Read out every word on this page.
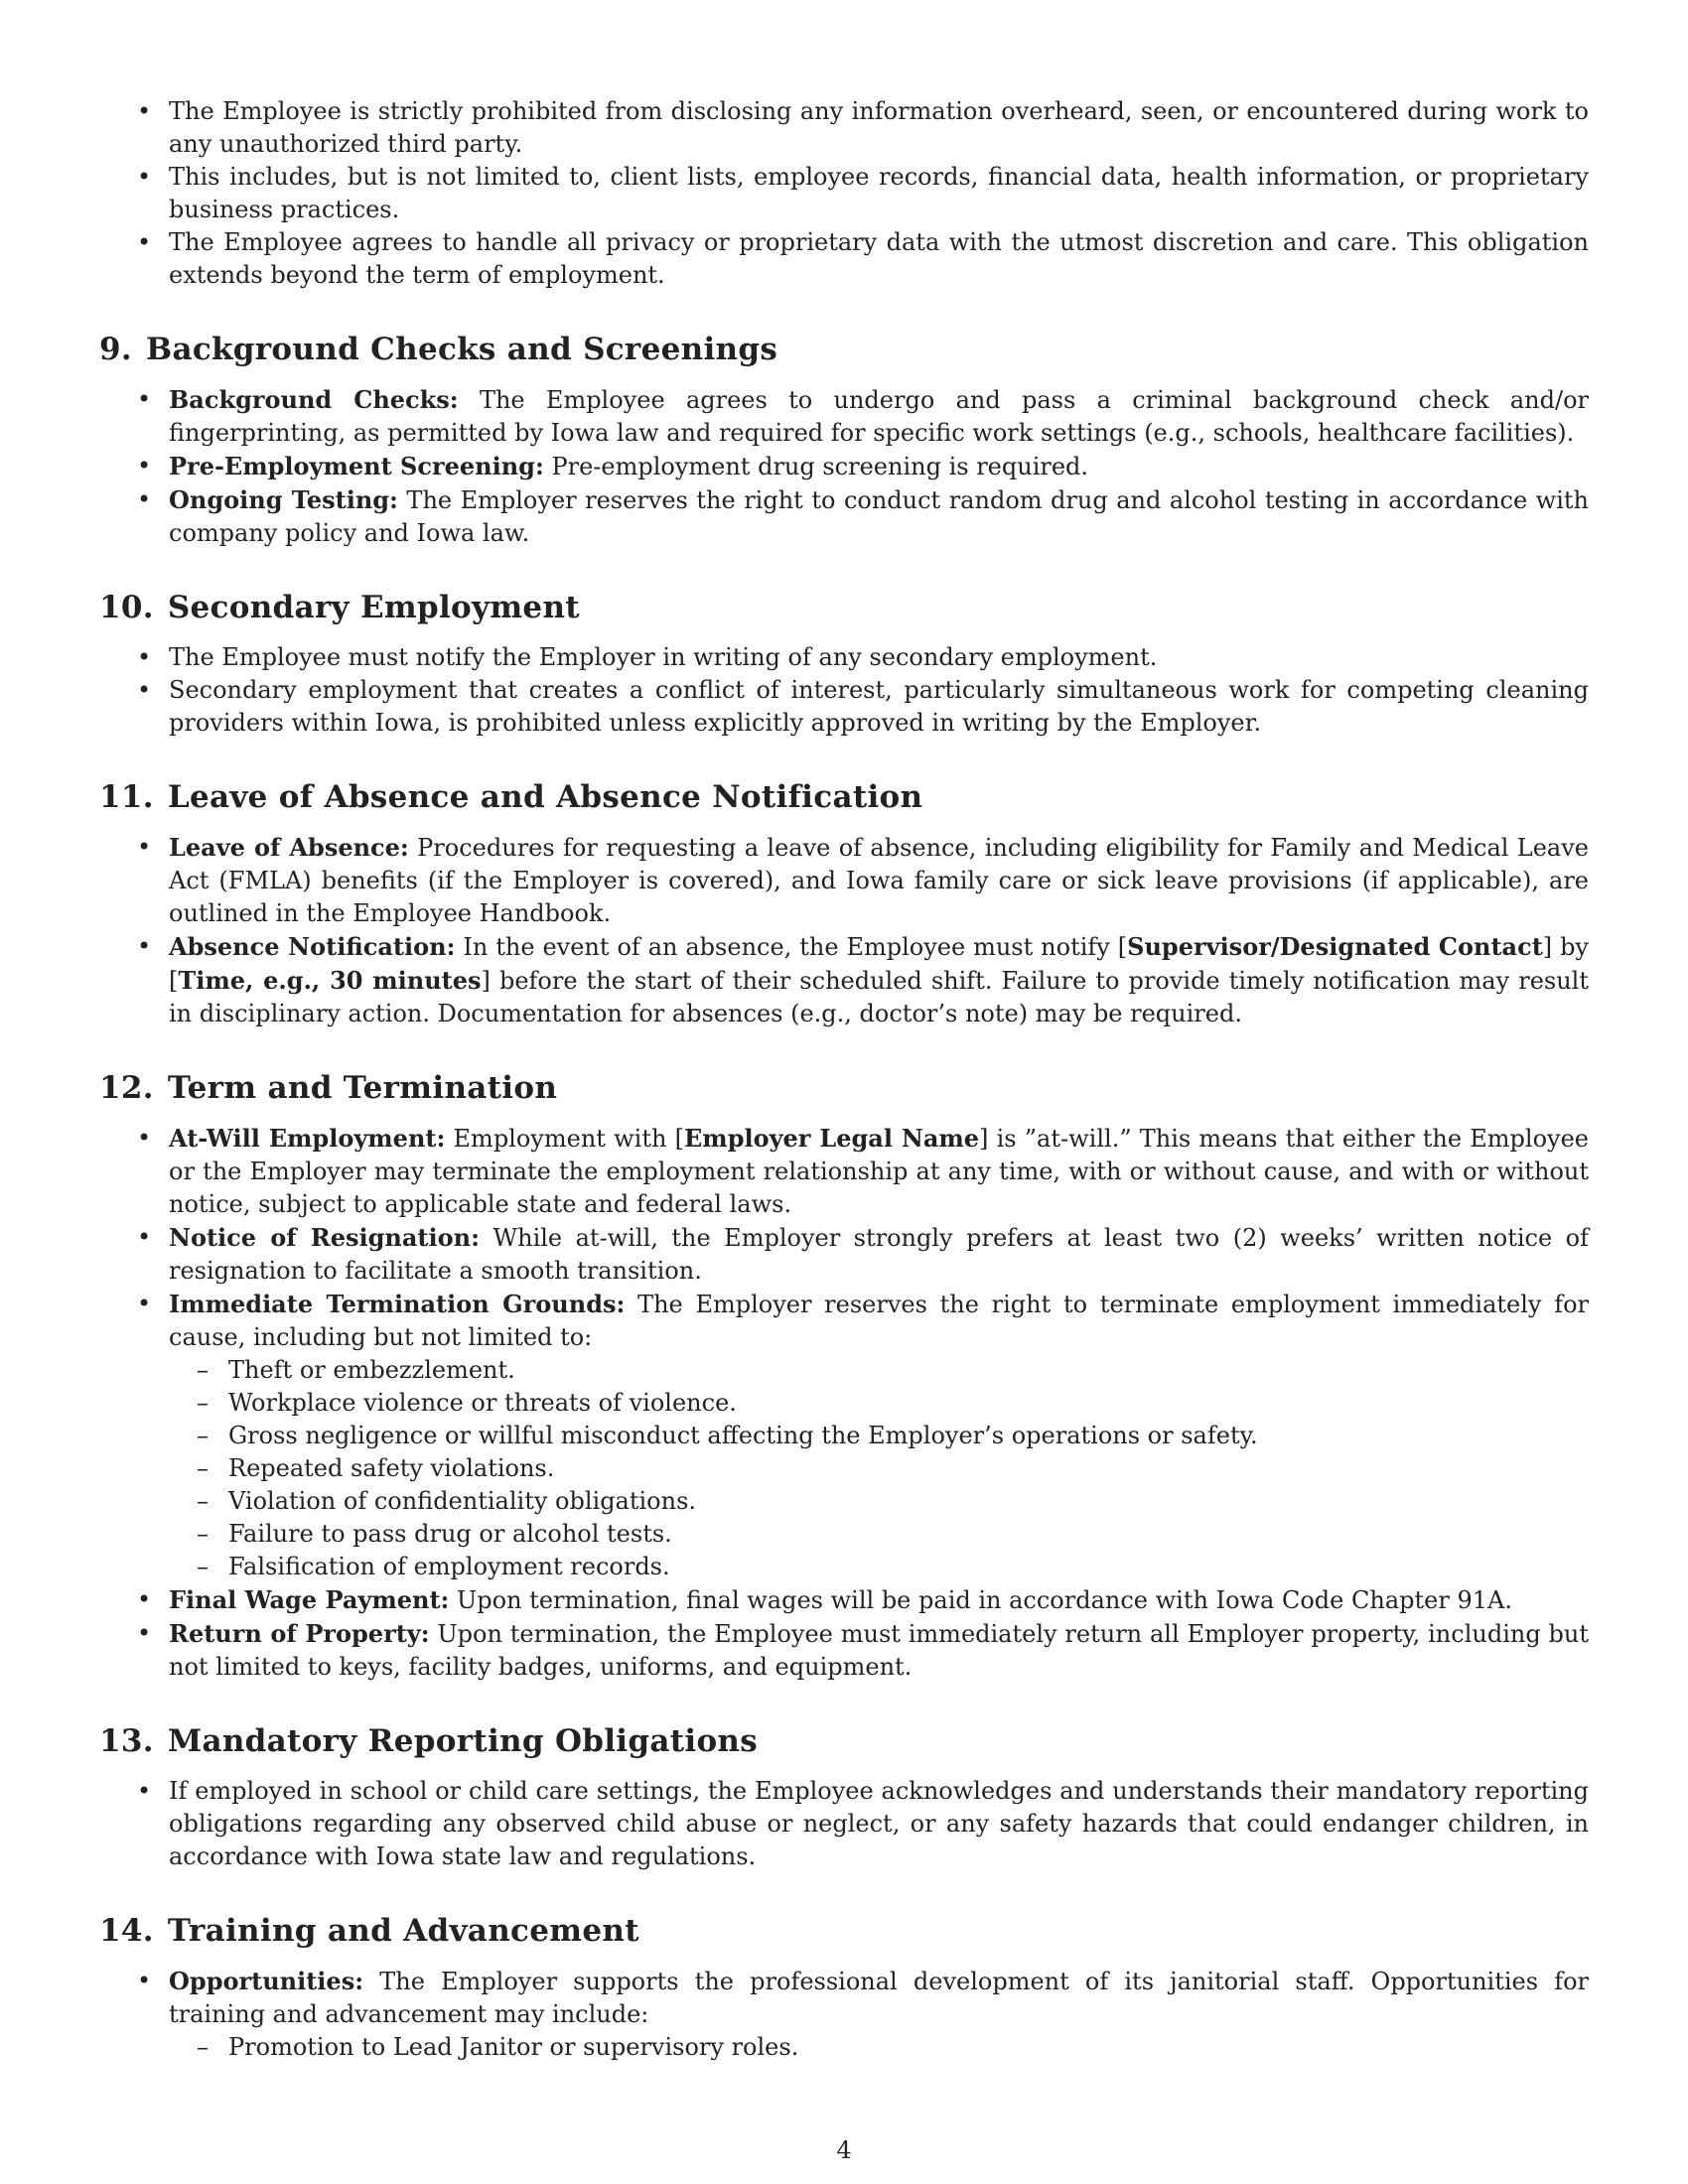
• The Employee is strictly prohibited from disclosing any information overheard, seen, or encountered during work to any unauthorized third party.
• This includes, but is not limited to, client lists, employee records, financial data, health information, or proprietary business practices.
• The Employee agrees to handle all privacy or proprietary data with the utmost discretion and care. This obligation extends beyond the term of employment.
9. Background Checks and Screenings
• Background Checks: The Employee agrees to undergo and pass a criminal background check and/or fingerprinting, as permitted by Iowa law and required for specific work settings (e.g., schools, healthcare facilities).
• Pre-Employment Screening: Pre-employment drug screening is required.
• Ongoing Testing: The Employer reserves the right to conduct random drug and alcohol testing in accordance with company policy and Iowa law.
10. Secondary Employment
• The Employee must notify the Employer in writing of any secondary employment.
• Secondary employment that creates a conflict of interest, particularly simultaneous work for competing cleaning providers within Iowa, is prohibited unless explicitly approved in writing by the Employer.
11. Leave of Absence and Absence Notification
• Leave of Absence: Procedures for requesting a leave of absence, including eligibility for Family and Medical Leave Act (FMLA) benefits (if the Employer is covered), and Iowa family care or sick leave provisions (if applicable), are outlined in the Employee Handbook.
• Absence Notification: In the event of an absence, the Employee must notify [Supervisor/Designated Contact] by [Time, e.g., 30 minutes] before the start of their scheduled shift. Failure to provide timely notification may result in disciplinary action. Documentation for absences (e.g., doctor’s note) may be required.
12. Term and Termination
• At-Will Employment: Employment with [Employer Legal Name] is ”at-will.” This means that either the Employee or the Employer may terminate the employment relationship at any time, with or without cause, and with or without notice, subject to applicable state and federal laws.
• Notice of Resignation: While at-will, the Employer strongly prefers at least two (2) weeks’ written notice of resignation to facilitate a smooth transition.
• Immediate Termination Grounds: The Employer reserves the right to terminate employment immediately for cause, including but not limited to:
– Theft or embezzlement.
– Workplace violence or threats of violence.
– Gross negligence or willful misconduct affecting the Employer’s operations or safety.
– Repeated safety violations.
– Violation of confidentiality obligations.
– Failure to pass drug or alcohol tests.
– Falsification of employment records.
• Final Wage Payment: Upon termination, final wages will be paid in accordance with Iowa Code Chapter 91A.
• Return of Property: Upon termination, the Employee must immediately return all Employer property, including but not limited to keys, facility badges, uniforms, and equipment.
13. Mandatory Reporting Obligations
• If employed in school or child care settings, the Employee acknowledges and understands their mandatory reporting obligations regarding any observed child abuse or neglect, or any safety hazards that could endanger children, in accordance with Iowa state law and regulations.
14. Training and Advancement
• Opportunities: The Employer supports the professional development of its janitorial staff. Opportunities for training and advancement may include:
– Promotion to Lead Janitor or supervisory roles.
4
